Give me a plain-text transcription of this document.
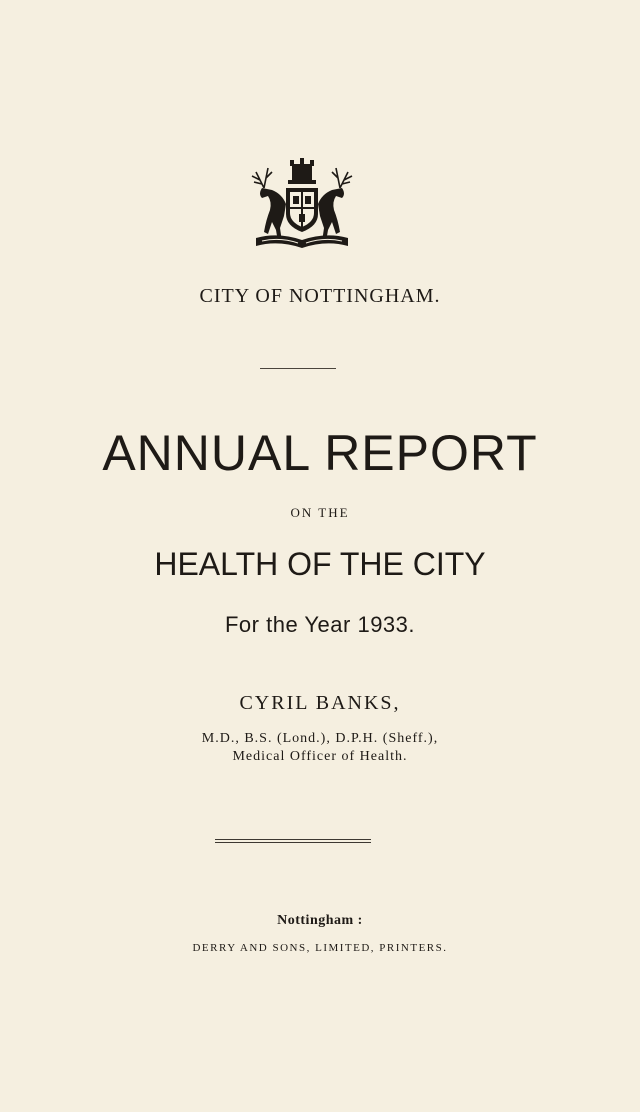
CITY OF NOTTINGHAM.
ANNUAL REPORT
ON THE
HEALTH OF THE CITY
For the Year 1933.
CYRIL BANKS,
M.D., B.S. (Lond.), D.P.H. (Sheff.),
Medical Officer of Health.
Nottingham :
DERRY AND SONS, LIMITED, PRINTERS.
